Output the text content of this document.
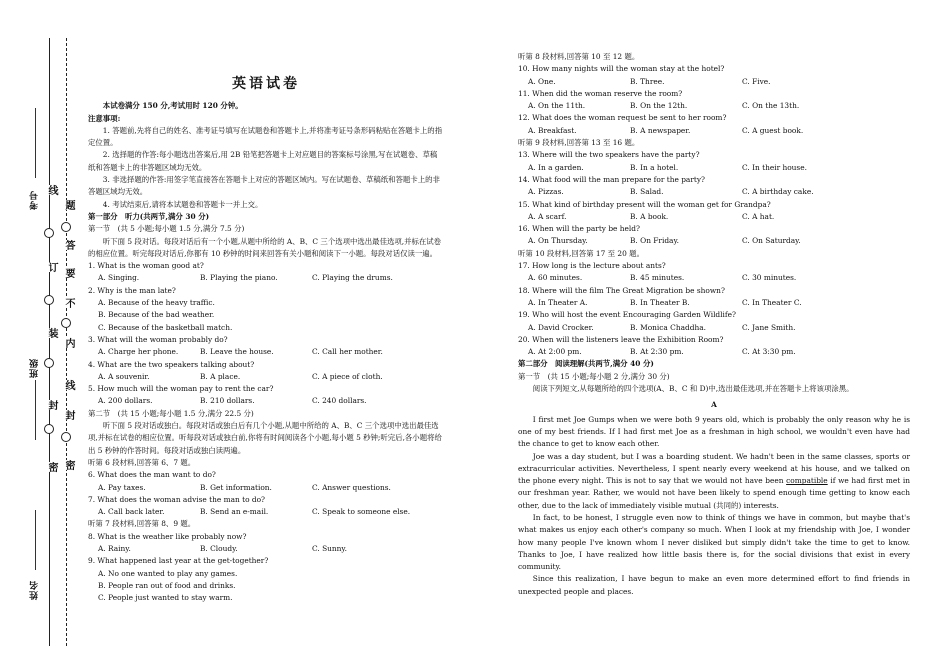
考号
班级
姓名
线
订
装
封
密
题
答
要
不
内
线
封
密
英语试卷

本试卷满分 150 分,考试用时 120 分钟。

注意事项:

1. 答题前,先将自己的姓名、准考证号填写在试题卷和答题卡上,并将准考证号条形码粘贴在答题卡上的指定位置。

2. 选择题的作答:每小题选出答案后,用 2B 铅笔把答题卡上对应题目的答案标号涂黑,写在试题卷、草稿纸和答题卡上的非答题区域均无效。

3. 非选择题的作答:用签字笔直接答在答题卡上对应的答题区域内。写在试题卷、草稿纸和答题卡上的非答题区域均无效。

4. 考试结束后,请将本试题卷和答题卡一并上交。

第一部分　听力(共两节,满分 30 分)

第一节　(共 5 小题;每小题 1.5 分,满分 7.5 分)

听下面 5 段对话。每段对话后有一个小题,从题中所给的 A、B、C 三个选项中选出最佳选项,并标在试卷的相应位置。听完每段对话后,你都有 10 秒钟的时间来回答有关小题和阅读下一小题。每段对话仅读一遍。

1. What is the woman good at?

A. Singing.	B. Playing the piano.	C. Playing the drums.

2. Why is the man late?

A. Because of the heavy traffic.

B. Because of the bad weather.

C. Because of the basketball match.

3. What will the woman probably do?

A. Charge her phone.	B. Leave the house.	C. Call her mother.

4. What are the two speakers talking about?

A. A souvenir.	B. A place.	C. A piece of cloth.

5. How much will the woman pay to rent the car?

A. 200 dollars.	B. 210 dollars.	C. 240 dollars.

第二节　(共 15 小题;每小题 1.5 分,满分 22.5 分)

听下面 5 段对话或独白。每段对话或独白后有几个小题,从题中所给的 A、B、C 三个选项中选出最佳选项,并标在试卷的相应位置。听每段对话或独白前,你将有时间阅读各个小题,每小题 5 秒钟;听完后,各小题将给出 5 秒钟的作答时间。每段对话或独白读两遍。

听第 6 段材料,回答第 6、7 题。

6. What does the man want to do?

A. Pay taxes.	B. Get information.	C. Answer questions.

7. What does the woman advise the man to do?

A. Call back later.	B. Send an e-mail.	C. Speak to someone else.

听第 7 段材料,回答第 8、9 题。

8. What is the weather like probably now?

A. Rainy.	B. Cloudy.	C. Sunny.

9. What happened last year at the get-together?

A. No one wanted to play any games.

B. People ran out of food and drinks.

C. People just wanted to stay warm.

听第 8 段材料,回答第 10 至 12 题。

10. How many nights will the woman stay at the hotel?

A. One.	B. Three.	C. Five.

11. When did the woman reserve the room?

A. On the 11th.	B. On the 12th.	C. On the 13th.

12. What does the woman request be sent to her room?

A. Breakfast.	B. A newspaper.	C. A guest book.

听第 9 段材料,回答第 13 至 16 题。

13. Where will the two speakers have the party?

A. In a garden.	B. In a hotel.	C. In their house.

14. What food will the man prepare for the party?

A. Pizzas.	B. Salad.	C. A birthday cake.

15. What kind of birthday present will the woman get for Grandpa?

A. A scarf.	B. A book.	C. A hat.

16. When will the party be held?

A. On Thursday.	B. On Friday.	C. On Saturday.

听第 10 段材料,回答第 17 至 20 题。

17. How long is the lecture about ants?

A. 60 minutes.	B. 45 minutes.	C. 30 minutes.

18. Where will the film The Great Migration be shown?

A. In Theater A.	B. In Theater B.	C. In Theater C.

19. Who will host the event Encouraging Garden Wildlife?

A. David Crocker.	B. Monica Chaddha.	C. Jane Smith.

20. When will the listeners leave the Exhibition Room?

A. At 2:00 pm.	B. At 2:30 pm.	C. At 3:30 pm.

第二部分　阅读理解(共两节,满分 40 分)

第一节　(共 15 小题;每小题 2 分,满分 30 分)

阅读下列短文,从每题所给的四个选项(A、B、C 和 D)中,选出最佳选项,并在答题卡上将该项涂黑。

A

I first met Joe Gumps when we were both 9 years old, which is probably the only reason why he is one of my best friends. If I had first met Joe as a freshman in high school, we wouldn't even have had the chance to get to know each other.

Joe was a day student, but I was a boarding student. We hadn't been in the same classes, sports or extracurricular activities. Nevertheless, I spent nearly every weekend at his house, and we talked on the phone every night. This is not to say that we would not have been compatible if we had first met in our freshman year. Rather, we would not have been likely to spend enough time getting to know each other, due to the lack of immediately visible mutual (共同的) interests.

In fact, to be honest, I struggle even now to think of things we have in common, but maybe that's what makes us enjoy each other's company so much. When I look at my friendship with Joe, I wonder how many people I've known whom I never disliked but simply didn't take the time to get to know. Thanks to Joe, I have realized how little basis there is, for the social divisions that exist in every community.

Since this realization, I have begun to make an even more determined effort to find friends in unexpected people and places.
